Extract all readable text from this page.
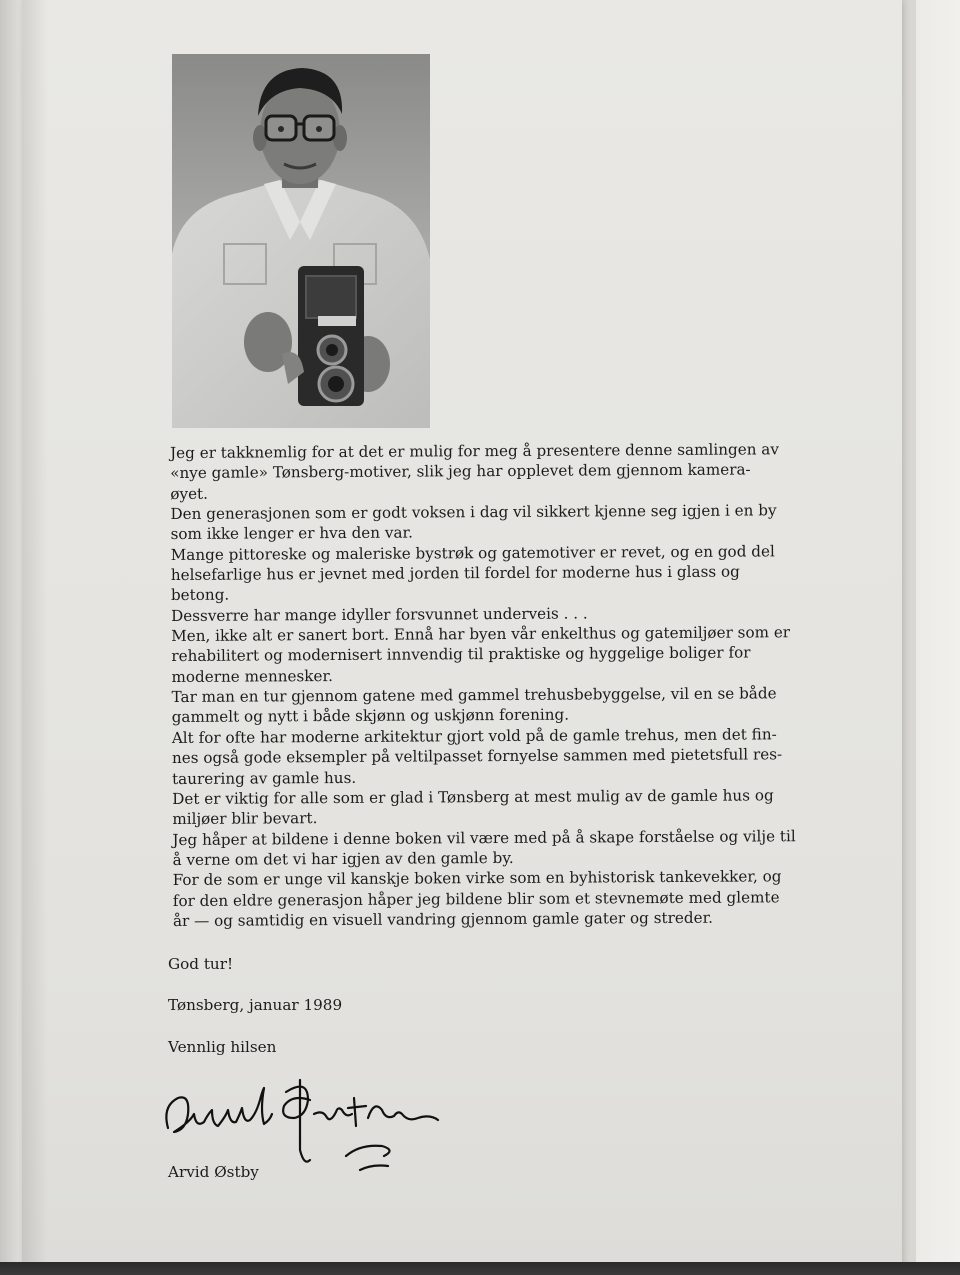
Jeg er takknemlig for at det er mulig for meg å presentere denne samlingen av

«nye gamle» Tønsberg-motiver, slik jeg har opplevet dem gjennom kamera-

øyet.

Den generasjonen som er godt voksen i dag vil sikkert kjenne seg igjen i en by

som ikke lenger er hva den var.

Mange pittoreske og maleriske bystrøk og gatemotiver er revet, og en god del

helsefarlige hus er jevnet med jorden til fordel for moderne hus i glass og

betong.

Dessverre har mange idyller forsvunnet underveis . . .

Men, ikke alt er sanert bort. Ennå har byen vår enkelthus og gatemiljøer som er

rehabilitert og modernisert innvendig til praktiske og hyggelige boliger for

moderne mennesker.

Tar man en tur gjennom gatene med gammel trehusbebyggelse, vil en se både

gammelt og nytt i både skjønn og uskjønn forening.

Alt for ofte har moderne arkitektur gjort vold på de gamle trehus, men det fin-

nes også gode eksempler på veltilpasset fornyelse sammen med pietetsfull res-

taurering av gamle hus.

Det er viktig for alle som er glad i Tønsberg at mest mulig av de gamle hus og

miljøer blir bevart.

Jeg håper at bildene i denne boken vil være med på å skape forståelse og vilje til

å verne om det vi har igjen av den gamle by.

For de som er unge vil kanskje boken virke som en byhistorisk tankevekker, og

for den eldre generasjon håper jeg bildene blir som et stevnemøte med glemte

år — og samtidig en visuell vandring gjennom gamle gater og streder.

God tur!
Tønsberg, januar 1989
Vennlig hilsen
Arvid Østby
